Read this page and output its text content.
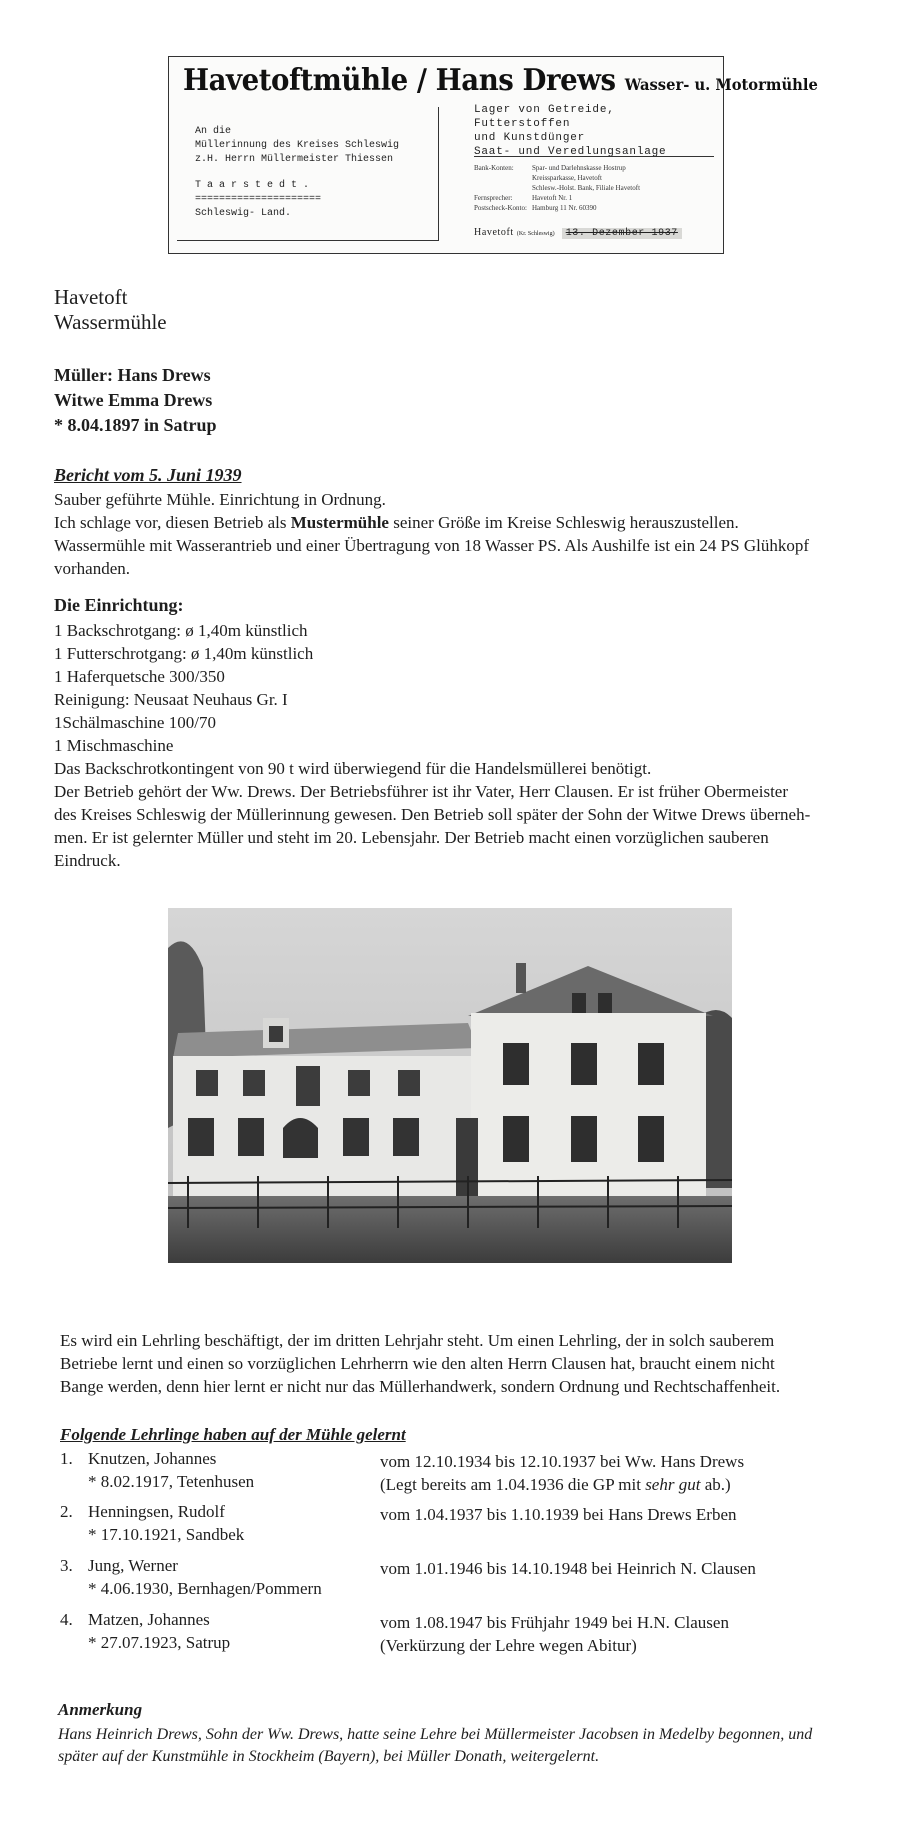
Havetoftmühle / Hans Drews Wasser- u. Motormühle
An die
Müllerinnung des Kreises Schleswig
z.H. Herrn Müllermeister Thiessen
T a a r s t e d t .
=====================
Schleswig- Land.
Lager von Getreide, Futterstoffen
und Kunstdünger
Saat- und Veredlungsanlage
Bank-Konten:	Spar- und Darlehnskasse Hostrup
Kreissparkasse, Havetoft
Schlesw.-Holst. Bank, Filiale Havetoft
Fernsprecher:	Havetoft Nr. 1
Postscheck-Konto: Hamburg 11 Nr. 60390
Havetoft (Kr. Schleswig) 13. Dezember 1937
Havetoft
Wassermühle
Müller: Hans Drews
Witwe Emma Drews
* 8.04.1897 in Satrup
Bericht vom 5. Juni 1939
Sauber geführte Mühle. Einrichtung in Ordnung.
Ich schlage vor, diesen Betrieb als Mustermühle seiner Größe im Kreise Schleswig herauszustellen.
Wassermühle mit Wasserantrieb und einer Übertragung von 18 Wasser PS. Als Aushilfe ist ein 24 PS Glühkopf
vorhanden.
Die Einrichtung:
1 Backschrotgang: ø 1,40m künstlich
1 Futterschrotgang: ø 1,40m künstlich
1 Haferquetsche 300/350
Reinigung: Neusaat Neuhaus Gr. I
1Schälmaschine 100/70
1 Mischmaschine
Das Backschrotkontingent von 90 t wird überwiegend für die Handelsmüllerei benötigt.
Der Betrieb gehört der Ww. Drews. Der Betriebsführer ist ihr Vater, Herr Clausen. Er ist früher Obermeister
des Kreises Schleswig der Müllerinnung gewesen. Den Betrieb soll später der Sohn der Witwe Drews überneh-
men. Er ist gelernter Müller und steht im 20. Lebensjahr. Der Betrieb macht einen vorzüglichen sauberen
Eindruck.
Es wird ein Lehrling beschäftigt, der im dritten Lehrjahr steht. Um einen Lehrling, der in solch sauberem
Betriebe lernt und einen so vorzüglichen Lehrherrn wie den alten Herrn Clausen hat, braucht einem nicht
Bange werden, denn hier lernt er nicht nur das Müllerhandwerk, sondern Ordnung und Rechtschaffenheit.
Folgende Lehrlinge haben auf der Mühle gelernt
1. Knutzen, Johannes
* 8.02.1917, Tetenhusen
vom 12.10.1934 bis 12.10.1937 bei Ww. Hans Drews
(Legt bereits am 1.04.1936 die GP mit sehr gut ab.)
2. Henningsen, Rudolf
* 17.10.1921, Sandbek
vom 1.04.1937 bis 1.10.1939 bei Hans Drews Erben
3. Jung, Werner
* 4.06.1930, Bernhagen/Pommern
vom 1.01.1946 bis 14.10.1948 bei Heinrich N. Clausen
4. Matzen, Johannes
* 27.07.1923, Satrup
vom 1.08.1947 bis Frühjahr 1949 bei H.N. Clausen
(Verkürzung der Lehre wegen Abitur)
Anmerkung
Hans Heinrich Drews, Sohn der Ww. Drews, hatte seine Lehre bei Müllermeister Jacobsen in Medelby begonnen, und
später auf der Kunstmühle in Stockheim (Bayern), bei Müller Donath, weitergelernt.
